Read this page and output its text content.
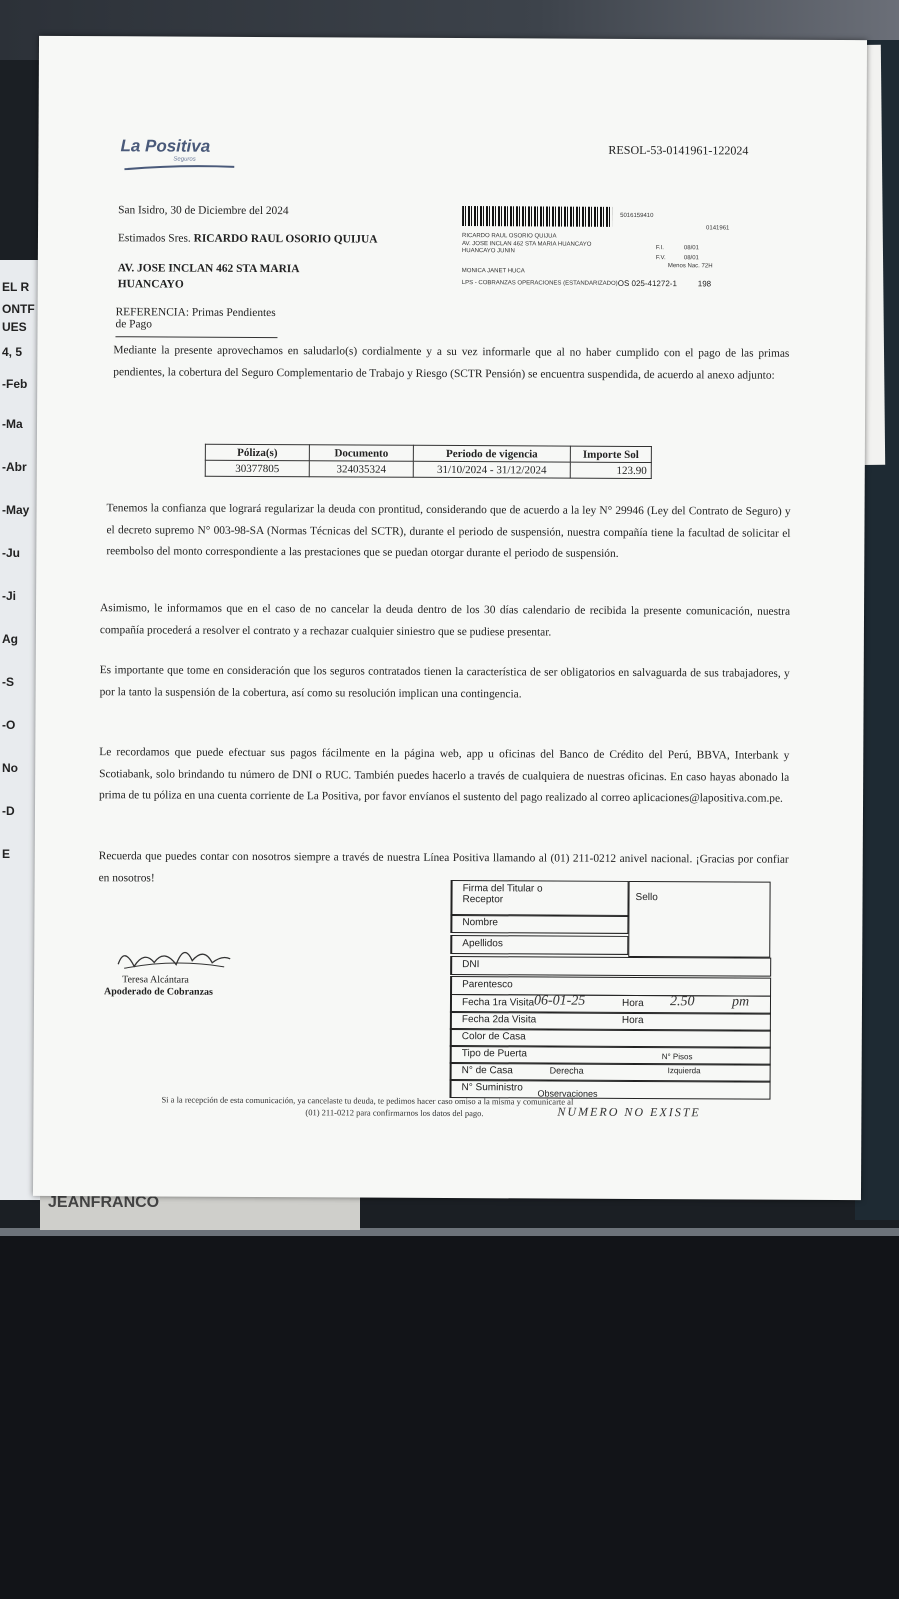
EL R
ONTF
UES
4, 5
-Feb
-Ma
-Abr
-May
-Ju
-Ji
Ag
-S
-O
No
-D
E
JEANFRANCO
La Positiva
Seguros
RESOL-53-0141961-122024
San Isidro, 30 de Diciembre del 2024
Estimados Sres. RICARDO RAUL OSORIO QUIJUA
AV. JOSE INCLAN 462 STA MARIA
HUANCAYO
REFERENCIA: Primas Pendientes de Pago
5016159410
0141961
RICARDO RAUL OSORIO QUIJUA
AV. JOSE INCLAN 462 STA MARIA HUANCAYO
HUANCAYO JUNIN	F.I.	08/01
F.V.	08/01
Menos Nac. 72H
MONICA JANET HUCA
LPS - COBRANZAS OPERACIONES (ESTANDARIZADO) OS 025-41272-1	198
Mediante la presente aprovechamos en saludarlo(s) cordialmente y a su vez informarle que al no haber cumplido con el pago de las primas pendientes, la cobertura del Seguro Complementario de Trabajo y Riesgo (SCTR Pensión) se encuentra suspendida, de acuerdo al anexo adjunto:
Póliza(s)	Documento	Periodo de vigencia	Importe Sol
30377805	324035324	31/10/2024 - 31/12/2024	123.90
Tenemos la confianza que logrará regularizar la deuda con prontitud, considerando que de acuerdo a la ley N° 29946 (Ley del Contrato de Seguro) y el decreto supremo N° 003-98-SA (Normas Técnicas del SCTR), durante el periodo de suspensión, nuestra compañía tiene la facultad de solicitar el reembolso del monto correspondiente a las prestaciones que se puedan otorgar durante el periodo de suspensión.
Asimismo, le informamos que en el caso de no cancelar la deuda dentro de los 30 días calendario de recibida la presente comunicación, nuestra compañía procederá a resolver el contrato y a rechazar cualquier siniestro que se pudiese presentar.
Es importante que tome en consideración que los seguros contratados tienen la característica de ser obligatorios en salvaguarda de sus trabajadores, y por la tanto la suspensión de la cobertura, así como su resolución implican una contingencia.
Le recordamos que puede efectuar sus pagos fácilmente en la página web, app u oficinas del Banco de Crédito del Perú, BBVA, Interbank y Scotiabank, solo brindando tu número de DNI o RUC. También puedes hacerlo a través de cualquiera de nuestras oficinas. En caso hayas abonado la prima de tu póliza en una cuenta corriente de La Positiva, por favor envíanos el sustento del pago realizado al correo aplicaciones@lapositiva.com.pe.
Recuerda que puedes contar con nosotros siempre a través de nuestra Línea Positiva llamando al (01) 211-0212 anivel nacional. ¡Gracias por confiar en nosotros!
Teresa Alcántara
Apoderado de Cobranzas
Firma del Titular o Receptor
Nombre
Apellidos
Sello
DNI
Parentesco
Fecha 1ra Visita 06-01-25	Hora 2.50	pm
Fecha 2da Visita	Hora
Color de Casa
Tipo de Puerta	N° Pisos
N° de Casa	Derecha	Izquierda
N° Suministro
Observaciones
NUMERO NO EXISTE
Si a la recepción de esta comunicación, ya cancelaste tu deuda, te pedimos hacer caso omiso a la misma y comunicarte al
(01) 211-0212 para confirmarnos los datos del pago.
